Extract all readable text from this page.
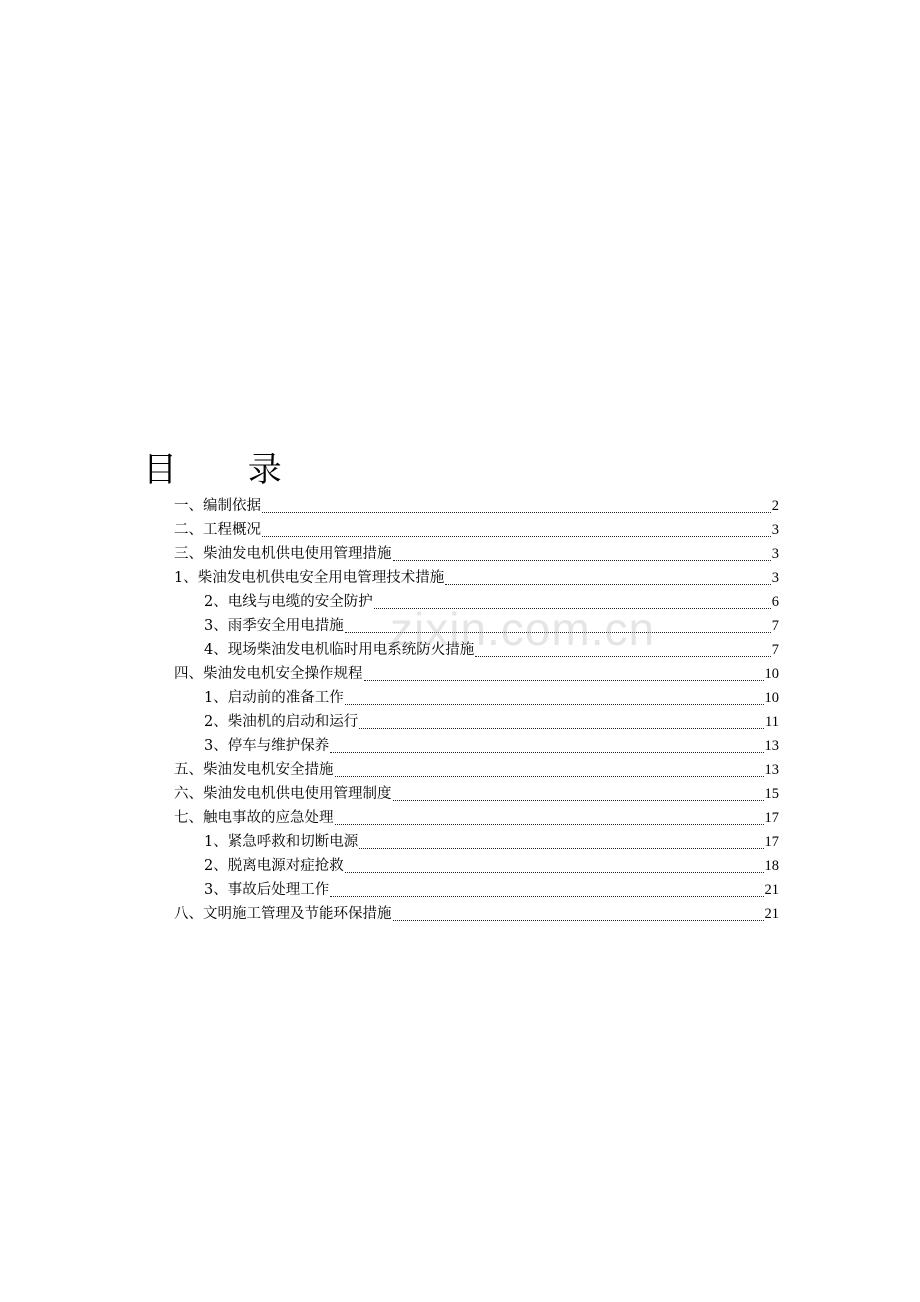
目 录
一、编制依据	2
二、工程概况	3
三、柴油发电机供电使用管理措施	3
1、柴油发电机供电安全用电管理技术措施	3
2、电线与电缆的安全防护	6
3、雨季安全用电措施	7
4、现场柴油发电机临时用电系统防火措施	7
四、柴油发电机安全操作规程	10
1、启动前的准备工作	10
2、柴油机的启动和运行	11
3、停车与维护保养	13
五、柴油发电机安全措施	13
六、柴油发电机供电使用管理制度	15
七、触电事故的应急处理	17
1、紧急呼救和切断电源	17
2、脱离电源对症抢救	18
3、事故后处理工作	21
八、文明施工管理及节能环保措施	21
zixin.com.cn
